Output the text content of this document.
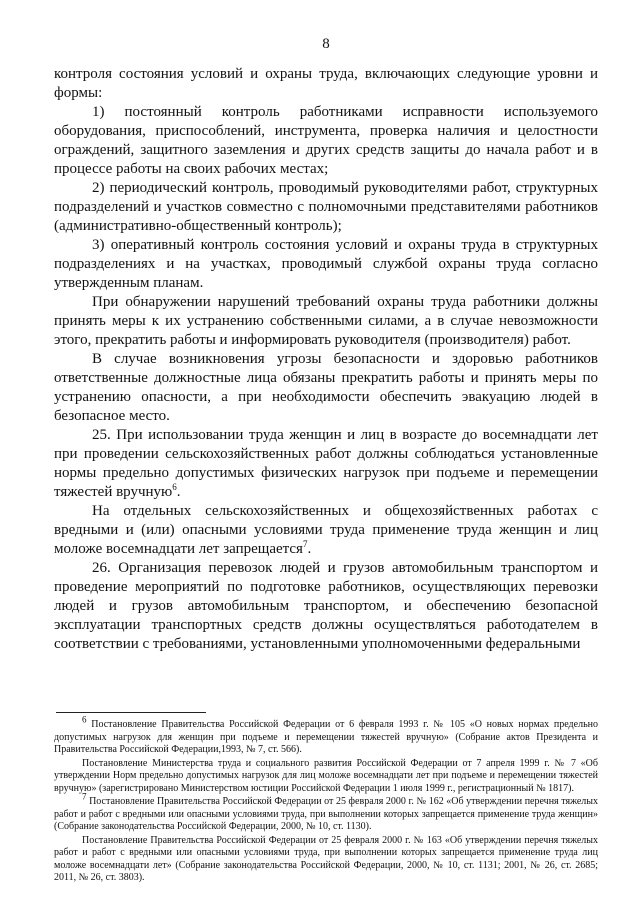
8

контроля состояния условий и охраны труда, включающих следующие уровни и формы:

1) постоянный контроль работниками исправности используемого оборудования, приспособлений, инструмента, проверка наличия и целостности ограждений, защитного заземления и других средств защиты до начала работ и в процессе работы на своих рабочих местах;

2) периодический контроль, проводимый руководителями работ, структурных подразделений и участков совместно с полномочными представителями работников (административно-общественный контроль);

3) оперативный контроль состояния условий и охраны труда в структурных подразделениях и на участках, проводимый службой охраны труда согласно утвержденным планам.

При обнаружении нарушений требований охраны труда работники должны принять меры к их устранению собственными силами, а в случае невозможности этого, прекратить работы и информировать руководителя (производителя) работ.

В случае возникновения угрозы безопасности и здоровью работников ответственные должностные лица обязаны прекратить работы и принять меры по устранению опасности, а при необходимости обеспечить эвакуацию людей в безопасное место.

25. При использовании труда женщин и лиц в возрасте до восемнадцати лет при проведении сельскохозяйственных работ должны соблюдаться установленные нормы предельно допустимых физических нагрузок при подъеме и перемещении тяжестей вручную$^6$.

На отдельных сельскохозяйственных и общехозяйственных работах с вредными и (или) опасными условиями труда применение труда женщин и лиц моложе восемнадцати лет запрещается$^7$.

26. Организация перевозок людей и грузов автомобильным транспортом и проведение мероприятий по подготовке работников, осуществляющих перевозки людей и грузов автомобильным транспортом, и обеспечению безопасной эксплуатации транспортных средств должны осуществляться работодателем в соответствии с требованиями, установленными уполномоченными федеральными

$^6$ Постановление Правительства Российской Федерации от 6 февраля 1993 г. № 105 «О новых нормах предельно допустимых нагрузок для женщин при подъеме и перемещении тяжестей вручную» (Собрание актов Президента и Правительства Российской Федерации,1993, № 7, ст. 566).

Постановление Министерства труда и социального развития Российской Федерации от 7 апреля 1999 г. № 7 «Об утверждении Норм предельно допустимых нагрузок для лиц моложе восемнадцати лет при подъеме и перемещении тяжестей вручную» (зарегистрировано Министерством юстиции Российской Федерации 1 июля 1999 г., регистрационный № 1817).

$^7$ Постановление Правительства Российской Федерации от 25 февраля 2000 г. № 162 «Об утверждении перечня тяжелых работ и работ с вредными или опасными условиями труда, при выполнении которых запрещается применение труда женщин» (Собрание законодательства Российской Федерации, 2000, № 10, ст. 1130).

Постановление Правительства Российской Федерации от 25 февраля 2000 г. № 163 «Об утверждении перечня тяжелых работ и работ с вредными или опасными условиями труда, при выполнении которых запрещается применение труда лиц моложе восемнадцати лет» (Собрание законодательства Российской Федерации, 2000, № 10, ст. 1131; 2001, № 26, ст. 2685; 2011, № 26, ст. 3803).
